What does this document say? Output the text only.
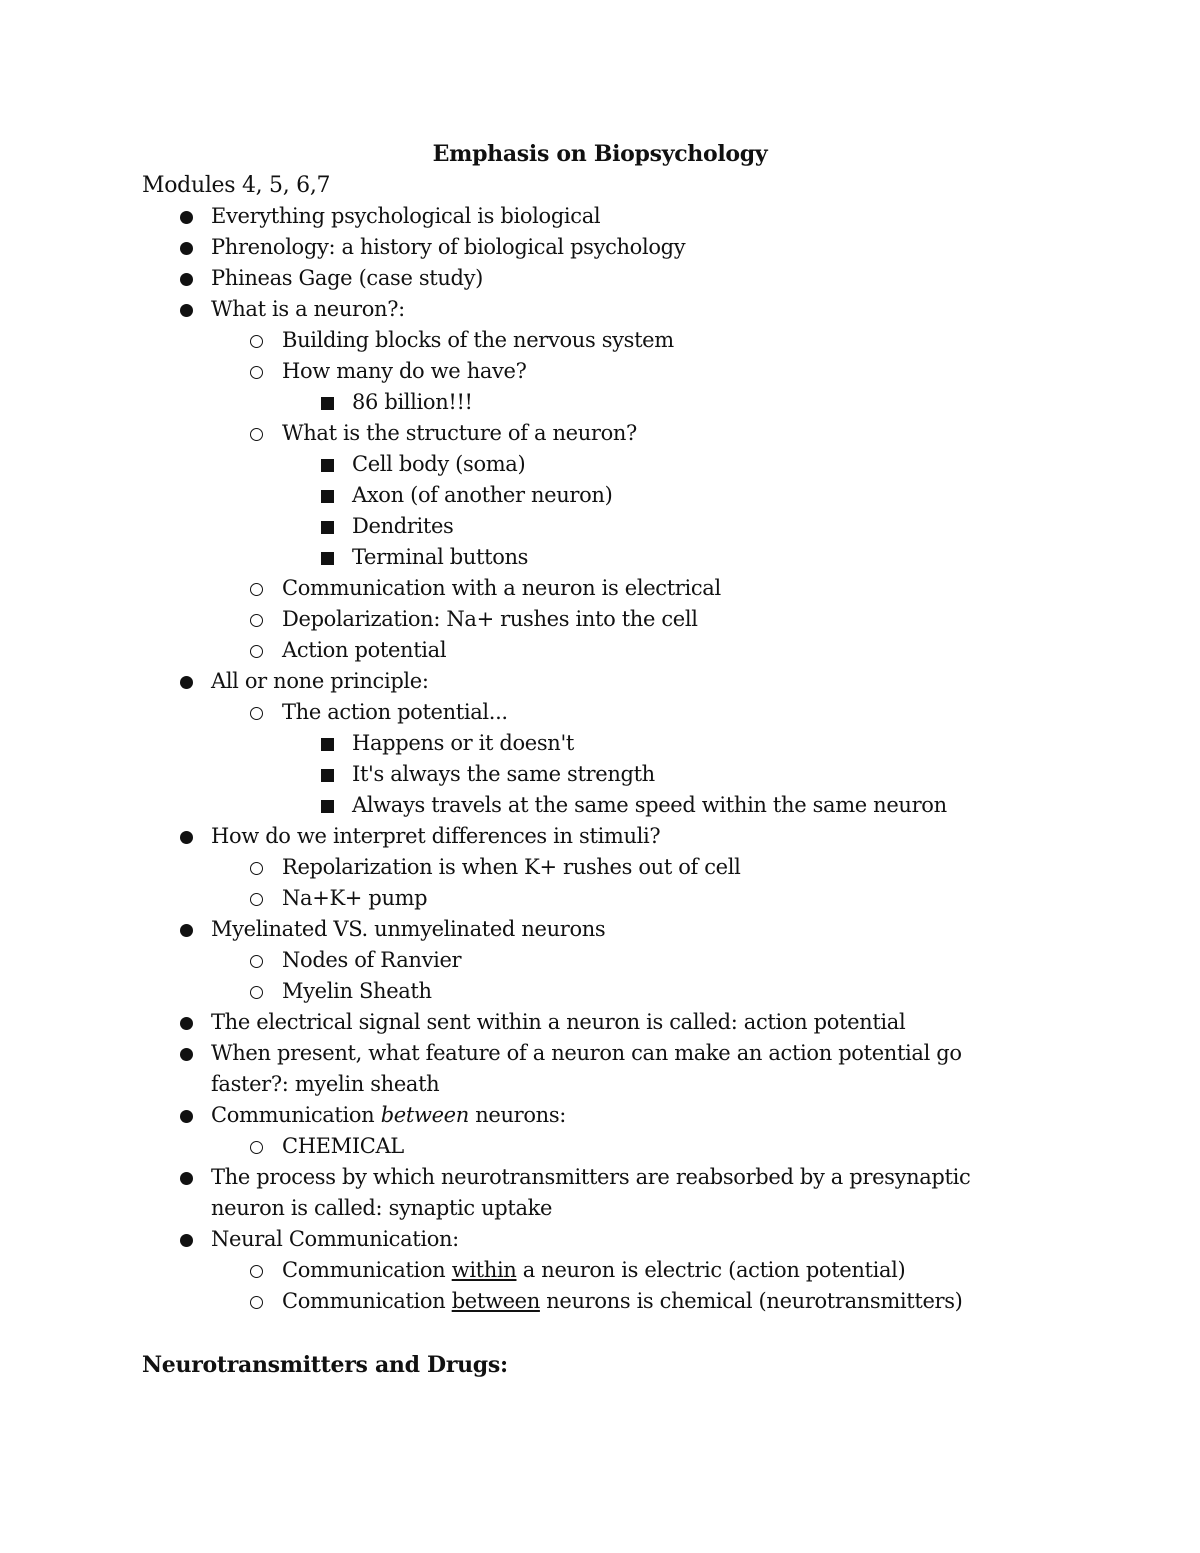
Emphasis on Biopsychology
Modules 4, 5, 6,7
Everything psychological is biological
Phrenology: a history of biological psychology
Phineas Gage (case study)
What is a neuron?:
Building blocks of the nervous system
How many do we have?
86 billion!!!
What is the structure of a neuron?
Cell body (soma)
Axon (of another neuron)
Dendrites
Terminal buttons
Communication with a neuron is electrical
Depolarization: Na+ rushes into the cell
Action potential
All or none principle:
The action potential...
Happens or it doesn't
It's always the same strength
Always travels at the same speed within the same neuron
How do we interpret differences in stimuli?
Repolarization is when K+ rushes out of cell
Na+K+ pump
Myelinated VS. unmyelinated neurons
Nodes of Ranvier
Myelin Sheath
The electrical signal sent within a neuron is called: action potential
When present, what feature of a neuron can make an action potential go faster?: myelin sheath
Communication between neurons:
CHEMICAL
The process by which neurotransmitters are reabsorbed by a presynaptic neuron is called: synaptic uptake
Neural Communication:
Communication within a neuron is electric (action potential)
Communication between neurons is chemical (neurotransmitters)
Neurotransmitters and Drugs:
